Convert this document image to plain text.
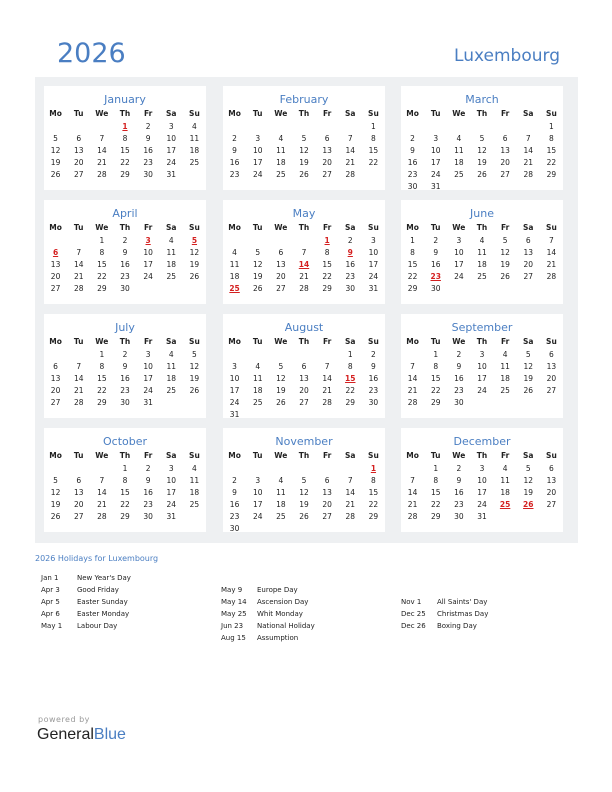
2026	Luxembourg
January
Mo	Tu	We	Th	Fr	Sa	Su
			1	2	3	4
5	6	7	8	9	10	11
12	13	14	15	16	17	18
19	20	21	22	23	24	25
26	27	28	29	30	31	
February
Mo	Tu	We	Th	Fr	Sa	Su
						1
2	3	4	5	6	7	8
9	10	11	12	13	14	15
16	17	18	19	20	21	22
23	24	25	26	27	28	
March
Mo	Tu	We	Th	Fr	Sa	Su
						1
2	3	4	5	6	7	8
9	10	11	12	13	14	15
16	17	18	19	20	21	22
23	24	25	26	27	28	29
30	31					
April
Mo	Tu	We	Th	Fr	Sa	Su
		1	2	3	4	5
6	7	8	9	10	11	12
13	14	15	16	17	18	19
20	21	22	23	24	25	26
27	28	29	30			
May
Mo	Tu	We	Th	Fr	Sa	Su
				1	2	3
4	5	6	7	8	9	10
11	12	13	14	15	16	17
18	19	20	21	22	23	24
25	26	27	28	29	30	31
June
Mo	Tu	We	Th	Fr	Sa	Su
1	2	3	4	5	6	7
8	9	10	11	12	13	14
15	16	17	18	19	20	21
22	23	24	25	26	27	28
29	30					
July
Mo	Tu	We	Th	Fr	Sa	Su
		1	2	3	4	5
6	7	8	9	10	11	12
13	14	15	16	17	18	19
20	21	22	23	24	25	26
27	28	29	30	31		
August
Mo	Tu	We	Th	Fr	Sa	Su
					1	2
3	4	5	6	7	8	9
10	11	12	13	14	15	16
17	18	19	20	21	22	23
24	25	26	27	28	29	30
31						
September
Mo	Tu	We	Th	Fr	Sa	Su
	1	2	3	4	5	6
7	8	9	10	11	12	13
14	15	16	17	18	19	20
21	22	23	24	25	26	27
28	29	30				
October
Mo	Tu	We	Th	Fr	Sa	Su
			1	2	3	4
5	6	7	8	9	10	11
12	13	14	15	16	17	18
19	20	21	22	23	24	25
26	27	28	29	30	31	
November
Mo	Tu	We	Th	Fr	Sa	Su
						1
2	3	4	5	6	7	8
9	10	11	12	13	14	15
16	17	18	19	20	21	22
23	24	25	26	27	28	29
30						
December
Mo	Tu	We	Th	Fr	Sa	Su
	1	2	3	4	5	6
7	8	9	10	11	12	13
14	15	16	17	18	19	20
21	22	23	24	25	26	27
28	29	30	31			
2026 Holidays for Luxembourg
Jan 1	New Year's Day
Apr 3 Good Friday
Apr 5 Easter Sunday
Apr 6 Easter Monday
May 1 Labour Day
May 9 Europe Day
May 14 Ascension Day
May 25 Whit Monday
Jun 23 National Holiday
Aug 15 Assumption
Nov 1 All Saints' Day
Dec 25 Christmas Day
Dec 26 Boxing Day
powered by
GeneralBlue
